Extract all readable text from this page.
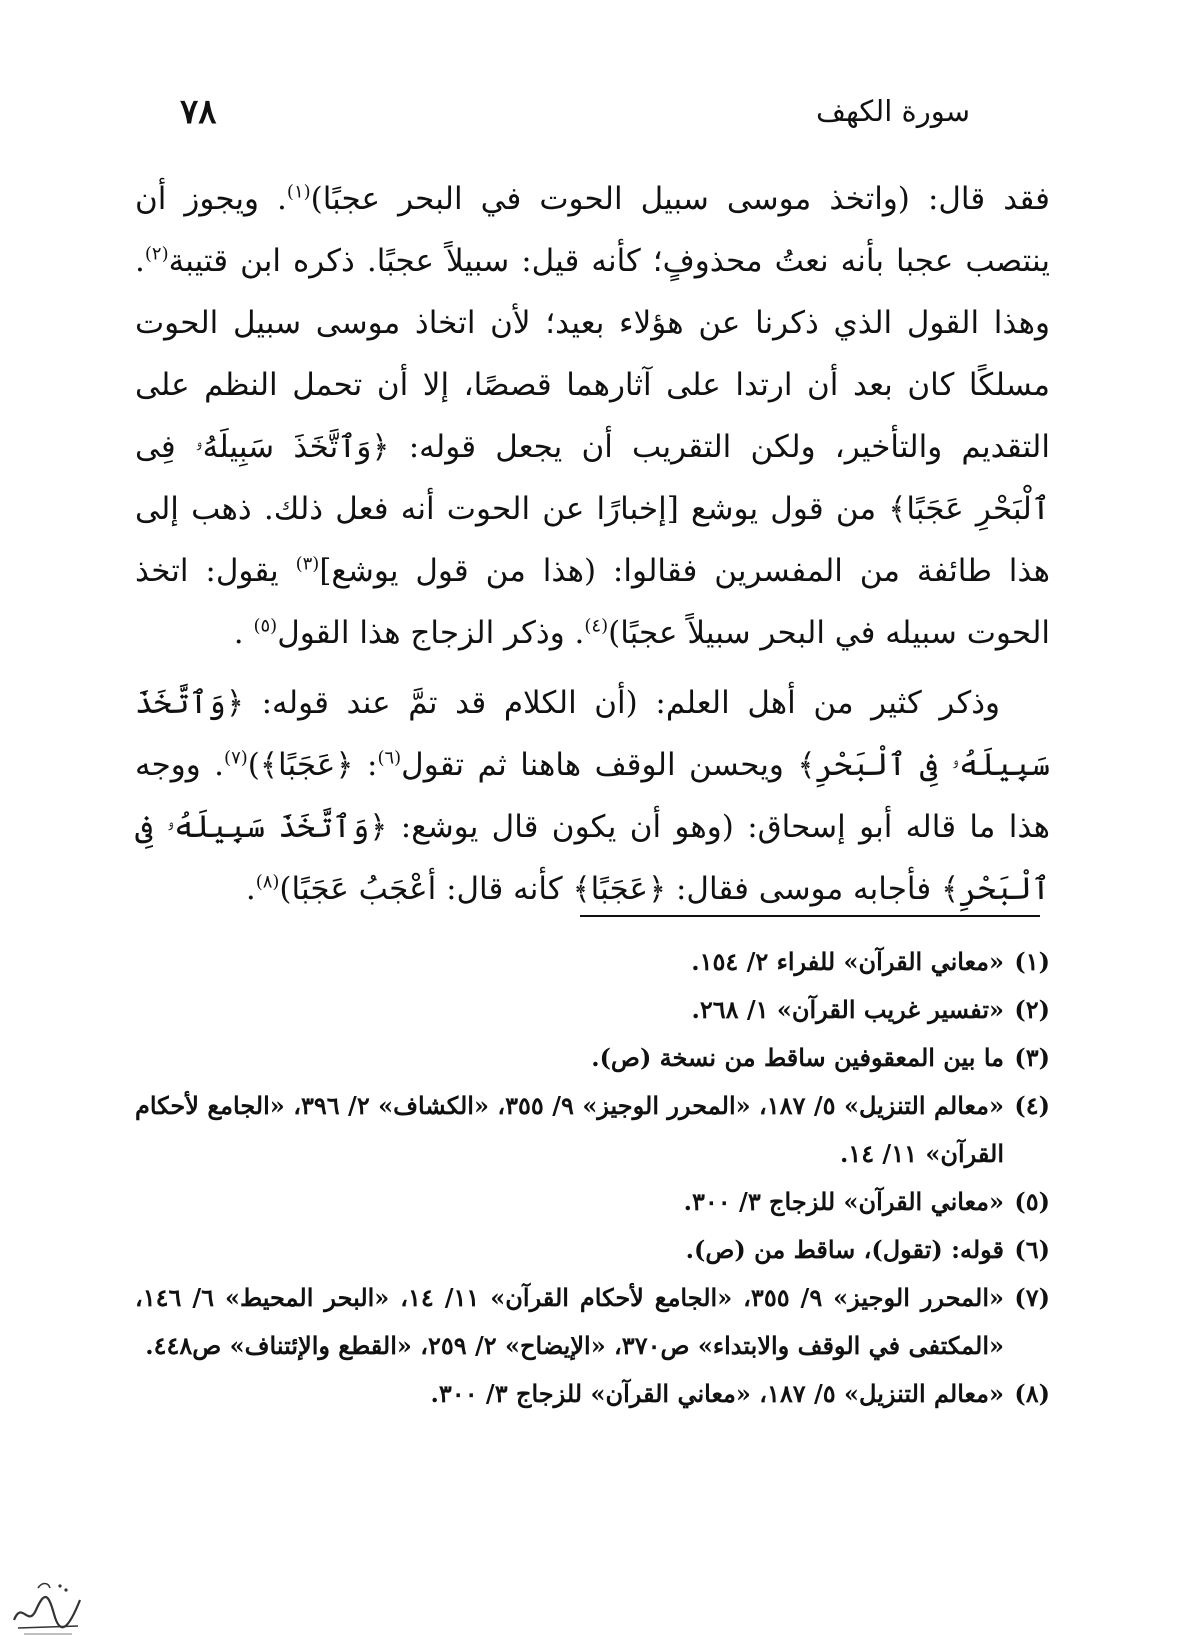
٧٨	سورة الكهف

فقد قال: (واتخذ موسى سبيل الحوت في البحر عجبًا)$^{(١)}$. ويجوز أن ينتصب عجبا بأنه نعتُ محذوفٍ؛ كأنه قيل: سبيلاً عجبًا. ذكره ابن قتيبة$^{(٢)}$. وهذا القول الذي ذكرنا عن هؤلاء بعيد؛ لأن اتخاذ موسى سبيل الحوت مسلكًا كان بعد أن ارتدا على آثارهما قصصًا، إلا أن تحمل النظم على التقديم والتأخير، ولكن التقريب أن يجعل قوله: ﴿وَٱتَّخَذَ سَبِيلَهُۥ فِى ٱلْبَحْرِ عَجَبًا﴾ من قول يوشع [إخبارًا عن الحوت أنه فعل ذلك. ذهب إلى هذا طائفة من المفسرين فقالوا: (هذا من قول يوشع]$^{(٣)}$ يقول: اتخذ الحوت سبيله في البحر سبيلاً عجبًا)$^{(٤)}$. وذكر الزجاج هذا القول$^{(٥)}$ .

وذكر كثير من أهل العلم: (أن الكلام قد تمَّ عند قوله: ﴿وَٱتَّخَذَ سَبِيلَهُۥ فِى ٱلْبَحْرِ﴾ ويحسن الوقف هاهنا ثم تقول$^{(٦)}$: ﴿عَجَبًا﴾)$^{(٧)}$. ووجه هذا ما قاله أبو إسحاق: (وهو أن يكون قال يوشع: ﴿وَٱتَّخَذَ سَبِيلَهُۥ فِى ٱلْبَحْرِ﴾ فأجابه موسى فقال: ﴿عَجَبًا﴾ كأنه قال: أعْجَبُ عَجَبًا)$^{(٨)}$.

(١)
«معاني القرآن» للفراء ٢/ ١٥٤.
(٢)
«تفسير غريب القرآن» ١/ ٢٦٨.
(٣)
ما بين المعقوفين ساقط من نسخة (ص).
(٤)
«معالم التنزيل» ٥/ ١٨٧، «المحرر الوجيز» ٩/ ٣٥٥، «الكشاف» ٢/ ٣٩٦، «الجامع لأحكام القرآن» ١١/ ١٤.
(٥)
«معاني القرآن» للزجاج ٣/ ٣٠٠.
(٦)
قوله: (تقول)، ساقط من (ص).
(٧)
«المحرر الوجيز» ٩/ ٣٥٥، «الجامع لأحكام القرآن» ١١/ ١٤، «البحر المحيط» ٦/ ١٤٦، «المكتفى في الوقف والابتداء» ص٣٧٠، «الإيضاح» ٢/ ٢٥٩، «القطع والإئتناف» ص٤٤٨.
(٨)
«معالم التنزيل» ٥/ ١٨٧، «معاني القرآن» للزجاج ٣/ ٣٠٠.
